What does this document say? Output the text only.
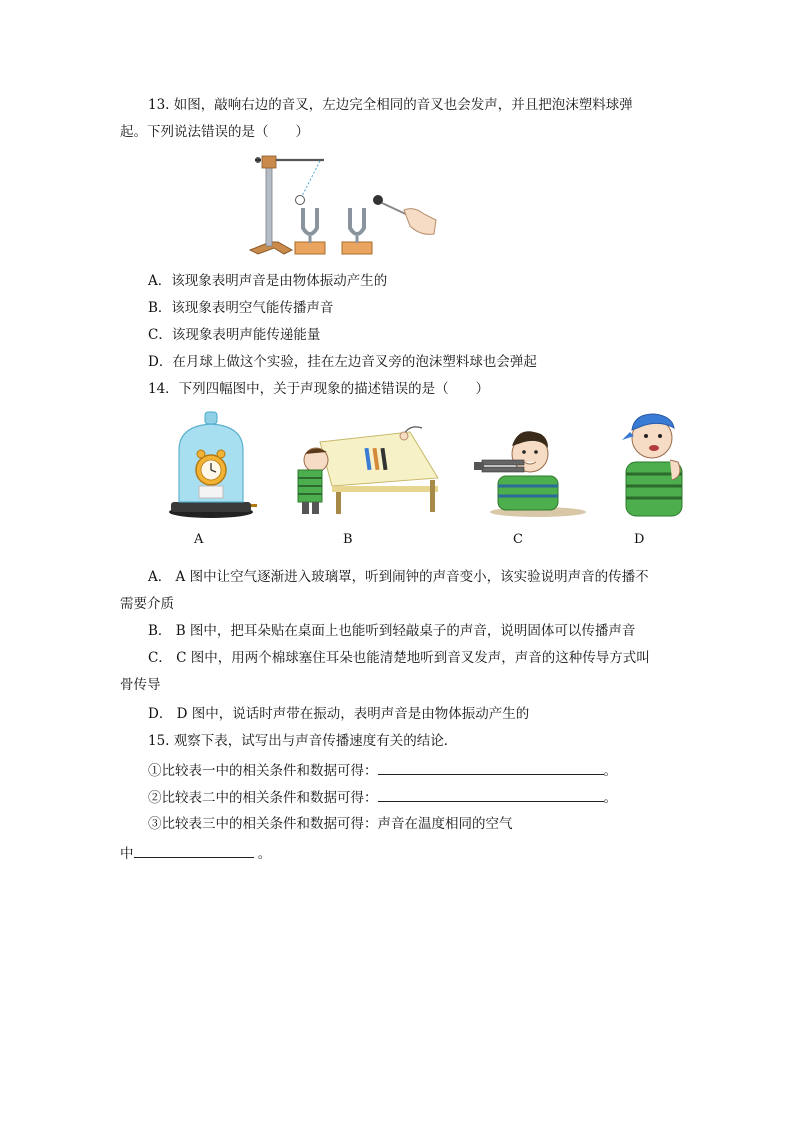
13. 如图，敲响右边的音叉，左边完全相同的音叉也会发声，并且把泡沫塑料球弹
起。下列说法错误的是（　　）
A．该现象表明声音是由物体振动产生的
B．该现象表明空气能传播声音
C．该现象表明声能传递能量
D．在月球上做这个实验，挂在左边音叉旁的泡沫塑料球也会弹起
14．下列四幅图中，关于声现象的描述错误的是（　　）
A	B	C	D
A． A 图中让空气逐渐进入玻璃罩，听到闹钟的声音变小，该实验说明声音的传播不
需要介质
B． B 图中，把耳朵贴在桌面上也能听到轻敲桌子的声音，说明固体可以传播声音
C． C 图中，用两个棉球塞住耳朵也能清楚地听到音叉发声，声音的这种传导方式叫
骨传导
D． D 图中，说话时声带在振动，表明声音是由物体振动产生的
15. 观察下表，试写出与声音传播速度有关的结论．
①比较表一中的相关条件和数据可得：	。
②比较表二中的相关条件和数据可得：	。
③比较表三中的相关条件和数据可得：声音在温度相同的空气
中	。
